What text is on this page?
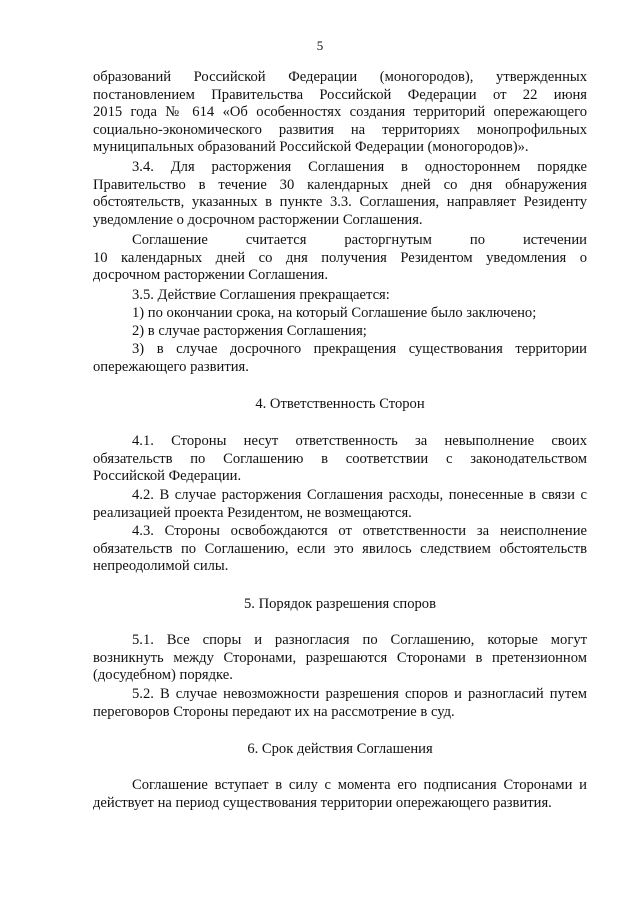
5

образований Российской Федерации (моногородов), утвержденных

постановлением Правительства Российской Федерации от 22 июня

2015 года № 614 «Об особенностях создания территорий опережающего

социально-экономического развития на территориях монопрофильных

муниципальных образований Российской Федерации (моногородов)».

3.4. Для расторжения Соглашения в одностороннем порядке

Правительство в течение 30 календарных дней со дня обнаружения

обстоятельств, указанных в пункте 3.3. Соглашения, направляет Резиденту

уведомление о досрочном расторжении Соглашения.

Соглашение считается расторгнутым по истечении

10 календарных дней со дня получения Резидентом уведомления о

досрочном расторжении Соглашения.

3.5. Действие Соглашения прекращается:

1) по окончании срока, на который Соглашение было заключено;

2) в случае расторжения Соглашения;

3) в случае досрочного прекращения существования территории

опережающего развития.

4. Ответственность Сторон

4.1. Стороны несут ответственность за невыполнение своих

обязательств по Соглашению в соответствии с законодательством

Российской Федерации.

4.2. В случае расторжения Соглашения расходы, понесенные в связи с

реализацией проекта Резидентом, не возмещаются.

4.3. Стороны освобождаются от ответственности за неисполнение

обязательств по Соглашению, если это явилось следствием обстоятельств

непреодолимой силы.

5. Порядок разрешения споров

5.1. Все споры и разногласия по Соглашению, которые могут

возникнуть между Сторонами, разрешаются Сторонами в претензионном

(досудебном) порядке.

5.2. В случае невозможности разрешения споров и разногласий путем

переговоров Стороны передают их на рассмотрение в суд.

6. Срок действия Соглашения

Соглашение вступает в силу с момента его подписания Сторонами и

действует на период существования территории опережающего развития.
